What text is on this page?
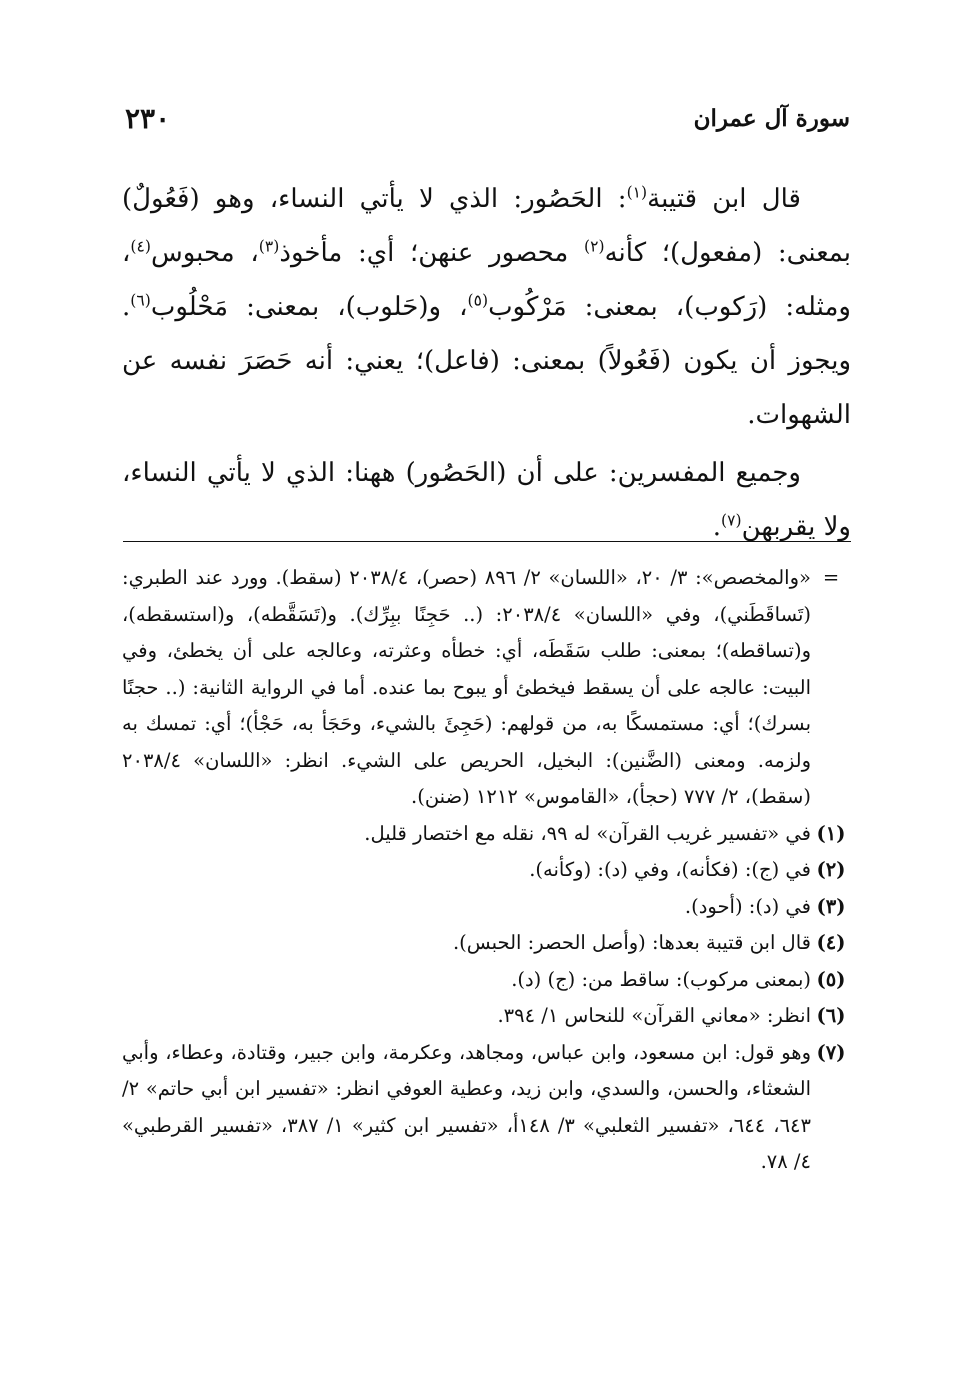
٢٣٠	سورة آل عمران

قال ابن قتيبة$^{(١)}$: الحَصُور: الذي لا يأتي النساء، وهو (فَعُولٌ) بمعنى: (مفعول)؛ كأنه$^{(٢)}$ محصور عنهن؛ أي: مأخوذ$^{(٣)}$، محبوس$^{(٤)}$، ومثله: (رَكوب)، بمعنى: مَرْكُوب$^{(٥)}$، و(حَلوب)، بمعنى: مَحْلُوب$^{(٦)}$. ويجوز أن يكون (فَعُولاً) بمعنى: (فاعل)؛ يعني: أنه حَصَرَ نفسه عن الشهوات.

وجميع المفسرين: على أن (الحَصُور) ههنا: الذي لا يأتي النساء، ولا يقربهن$^{(٧)}$.

=
«والمخصص»: ٣/ ٢٠، «اللسان» ٢/ ٨٩٦ (حصر)، ٢٠٣٨/٤ (سقط). وورد عند الطبري: (تَساقَطَني)، وفي «اللسان» ٢٠٣٨/٤: (.. حَجِنًا ببِرِّك). و(تَسَقَّطه)، و(استسقطه)، و(تساقطه)؛ بمعنى: طلب سَقَطَه، أي: خطأه وعثرته، وعالجه على أن يخطئ، وفي البيت: عالجه على أن يسقط فيخطئ أو يبوح بما عنده. أما في الرواية الثانية: (.. حجنًا بسرك)؛ أي: مستمسكًا به، من قولهم: (حَجِئَ بالشيء، وحَجَأ به، حَجْأ)؛ أي: تمسك به ولزمه. ومعنى (الضَّنين): البخيل، الحريص على الشيء. انظر: «اللسان» ٢٠٣٨/٤ (سقط)، ٢/ ٧٧٧ (حجأ)، «القاموس» ١٢١٢ (ضنن).
(١)
في «تفسير غريب القرآن» له ٩٩، نقله مع اختصار قليل.
(٢)
في (ج): (فكأنه)، وفي (د): (وكأنه).
(٣)
في (د): (أحود).
(٤)
قال ابن قتيبة بعدها: (وأصل الحصر: الحبس).
(٥)
(بمعنى مركوب): ساقط من: (ج) (د).
(٦)
انظر: «معاني القرآن» للنحاس ١/ ٣٩٤.
(٧)
وهو قول: ابن مسعود، وابن عباس، ومجاهد، وعكرمة، وابن جبير، وقتادة، وعطاء، وأبي الشعثاء، والحسن، والسدي، وابن زيد، وعطية العوفي انظر: «تفسير ابن أبي حاتم» ٢/ ٦٤٣، ٦٤٤، «تفسير الثعلبي» ٣/ ١٤٨أ، «تفسير ابن كثير» ١/ ٣٨٧، «تفسير القرطبي» ٤/ ٧٨.
